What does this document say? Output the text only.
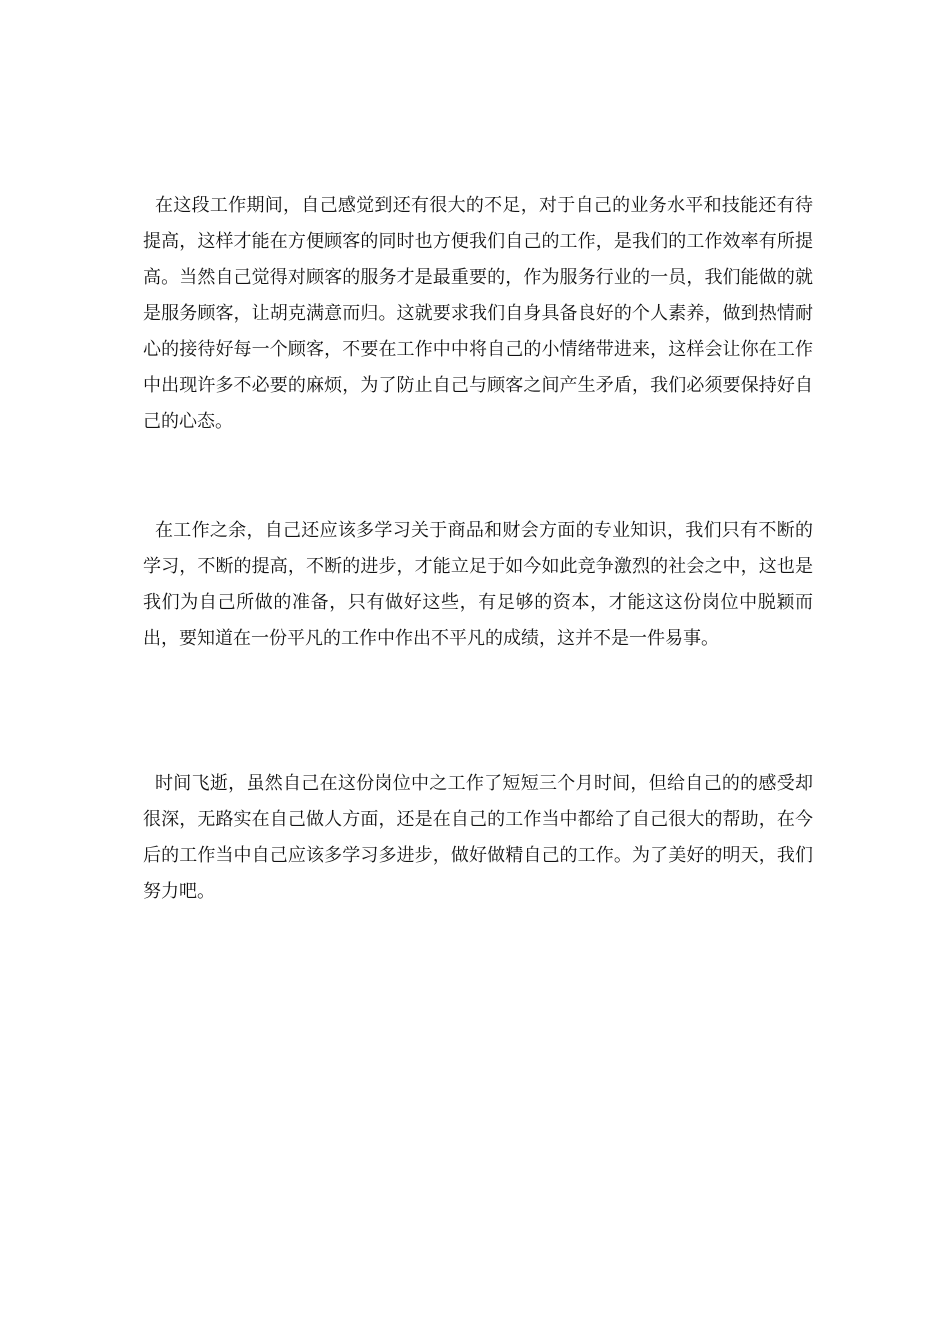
在这段工作期间，自己感觉到还有很大的不足，对于自己的业务水平和技能还有待提高，这样才能在方便顾客的同时也方便我们自己的工作，是我们的工作效率有所提高。当然自己觉得对顾客的服务才是最重要的，作为服务行业的一员，我们能做的就是服务顾客，让胡克满意而归。这就要求我们自身具备良好的个人素养，做到热情耐心的接待好每一个顾客，不要在工作中中将自己的小情绪带进来，这样会让你在工作中出现许多不必要的麻烦，为了防止自己与顾客之间产生矛盾，我们必须要保持好自己的心态。

在工作之余，自己还应该多学习关于商品和财会方面的专业知识，我们只有不断的学习，不断的提高，不断的进步，才能立足于如今如此竞争激烈的社会之中，这也是我们为自己所做的准备，只有做好这些，有足够的资本，才能这这份岗位中脱颖而出，要知道在一份平凡的工作中作出不平凡的成绩，这并不是一件易事。

时间飞逝，虽然自己在这份岗位中之工作了短短三个月时间，但给自己的的感受却很深，无路实在自己做人方面，还是在自己的工作当中都给了自己很大的帮助，在今后的工作当中自己应该多学习多进步，做好做精自己的工作。为了美好的明天，我们努力吧。
